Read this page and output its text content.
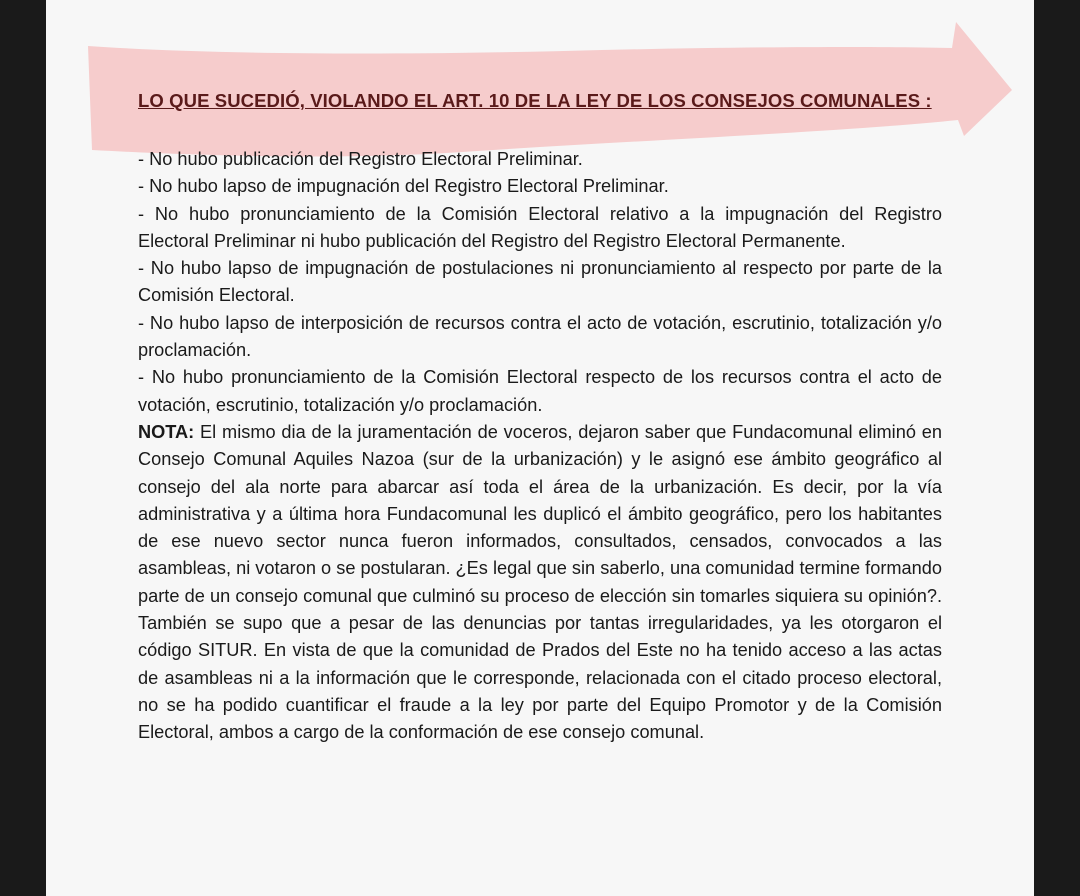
LO QUE SUCEDIÓ, VIOLANDO EL ART. 10 DE LA LEY DE LOS CONSEJOS COMUNALES :
- No hubo publicación del Registro Electoral Preliminar.
- No hubo lapso de impugnación del Registro Electoral Preliminar.
- No hubo pronunciamiento de la Comisión Electoral relativo a la impugnación del Registro Electoral Preliminar ni hubo publicación del Registro del Registro Electoral Permanente.
- No hubo lapso de impugnación de postulaciones ni pronunciamiento al respecto por parte de la Comisión Electoral.
- No hubo lapso de interposición de recursos contra el acto de votación, escrutinio, totalización y/o proclamación.
- No hubo pronunciamiento de la Comisión Electoral respecto de los recursos contra el acto de votación, escrutinio, totalización y/o proclamación.

NOTA: El mismo dia de la juramentación de voceros, dejaron saber que Fundacomunal eliminó en Consejo Comunal Aquiles Nazoa (sur de la urbanización) y le asignó ese ámbito geográfico al consejo del ala norte para abarcar así toda el área de la urbanización. Es decir, por la vía administrativa y a última hora Fundacomunal les duplicó el ámbito geográfico, pero los habitantes de ese nuevo sector nunca fueron informados, consultados, censados, convocados a las asambleas, ni votaron o se postularan. ¿Es legal que sin saberlo, una comunidad termine formando parte de un consejo comunal que culminó su proceso de elección sin tomarles siquiera su opinión?. También se supo que a pesar de las denuncias por tantas irregularidades, ya les otorgaron el código SITUR. En vista de que la comunidad de Prados del Este no ha tenido acceso a las actas de asambleas ni a la información que le corresponde, relacionada con el citado proceso electoral, no se ha podido cuantificar el fraude a la ley por parte del Equipo Promotor y de la Comisión Electoral, ambos a cargo de la conformación de ese consejo comunal.
